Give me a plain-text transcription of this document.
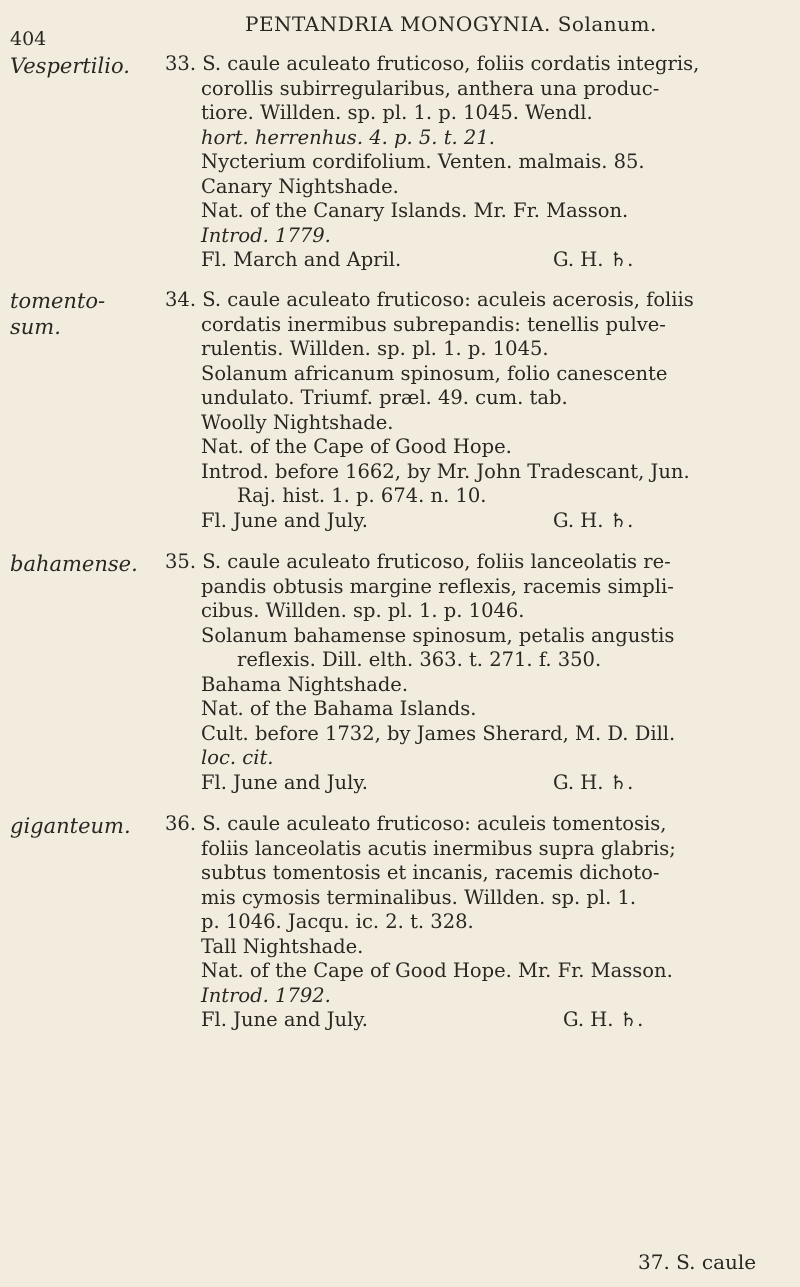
404
PENTANDRIA MONOGYNIA. Solanum.
Vespertilio.	33. S. caule aculeato fruticoso, foliis cordatis integris,
corollis subirregularibus, anthera una produc-
tiore. Willden. sp. pl. 1. p. 1045. Wendl.
hort. herrenhus. 4. p. 5. t. 21.
Nycterium cordifolium. Venten. malmais. 85.
Canary Nightshade.
Nat. of the Canary Islands. Mr. Fr. Masson.
Introd. 1779.
Fl. March and April.	G. H. ♄.
tomento-sum.
34. S. caule aculeato fruticoso: aculeis acerosis, foliis
cordatis inermibus subrepandis: tenellis pulve-
rulentis. Willden. sp. pl. 1. p. 1045.
Solanum africanum spinosum, folio canescente
undulato. Triumf. præl. 49. cum. tab.
Woolly Nightshade.
Nat. of the Cape of Good Hope.
Introd. before 1662, by Mr. John Tradescant, Jun.
Raj. hist. 1. p. 674. n. 10.
Fl. June and July.	G. H. ♄.
bahamense.	35. S. caule aculeato fruticoso, foliis lanceolatis re-
pandis obtusis margine reflexis, racemis simpli-
cibus. Willden. sp. pl. 1. p. 1046.
Solanum bahamense spinosum, petalis angustis
reflexis. Dill. elth. 363. t. 271. f. 350.
Bahama Nightshade.
Nat. of the Bahama Islands.
Cult. before 1732, by James Sherard, M. D. Dill.
loc. cit.
Fl. June and July.	G. H. ♄.
giganteum.	36. S. caule aculeato fruticoso: aculeis tomentosis,
foliis lanceolatis acutis inermibus supra glabris;
subtus tomentosis et incanis, racemis dichoto-
mis cymosis terminalibus. Willden. sp. pl. 1.
p. 1046. Jacqu. ic. 2. t. 328.
Tall Nightshade.
Nat. of the Cape of Good Hope. Mr. Fr. Masson.
Introd. 1792.
Fl. June and July.	G. H. ♄.
37. S. caule
